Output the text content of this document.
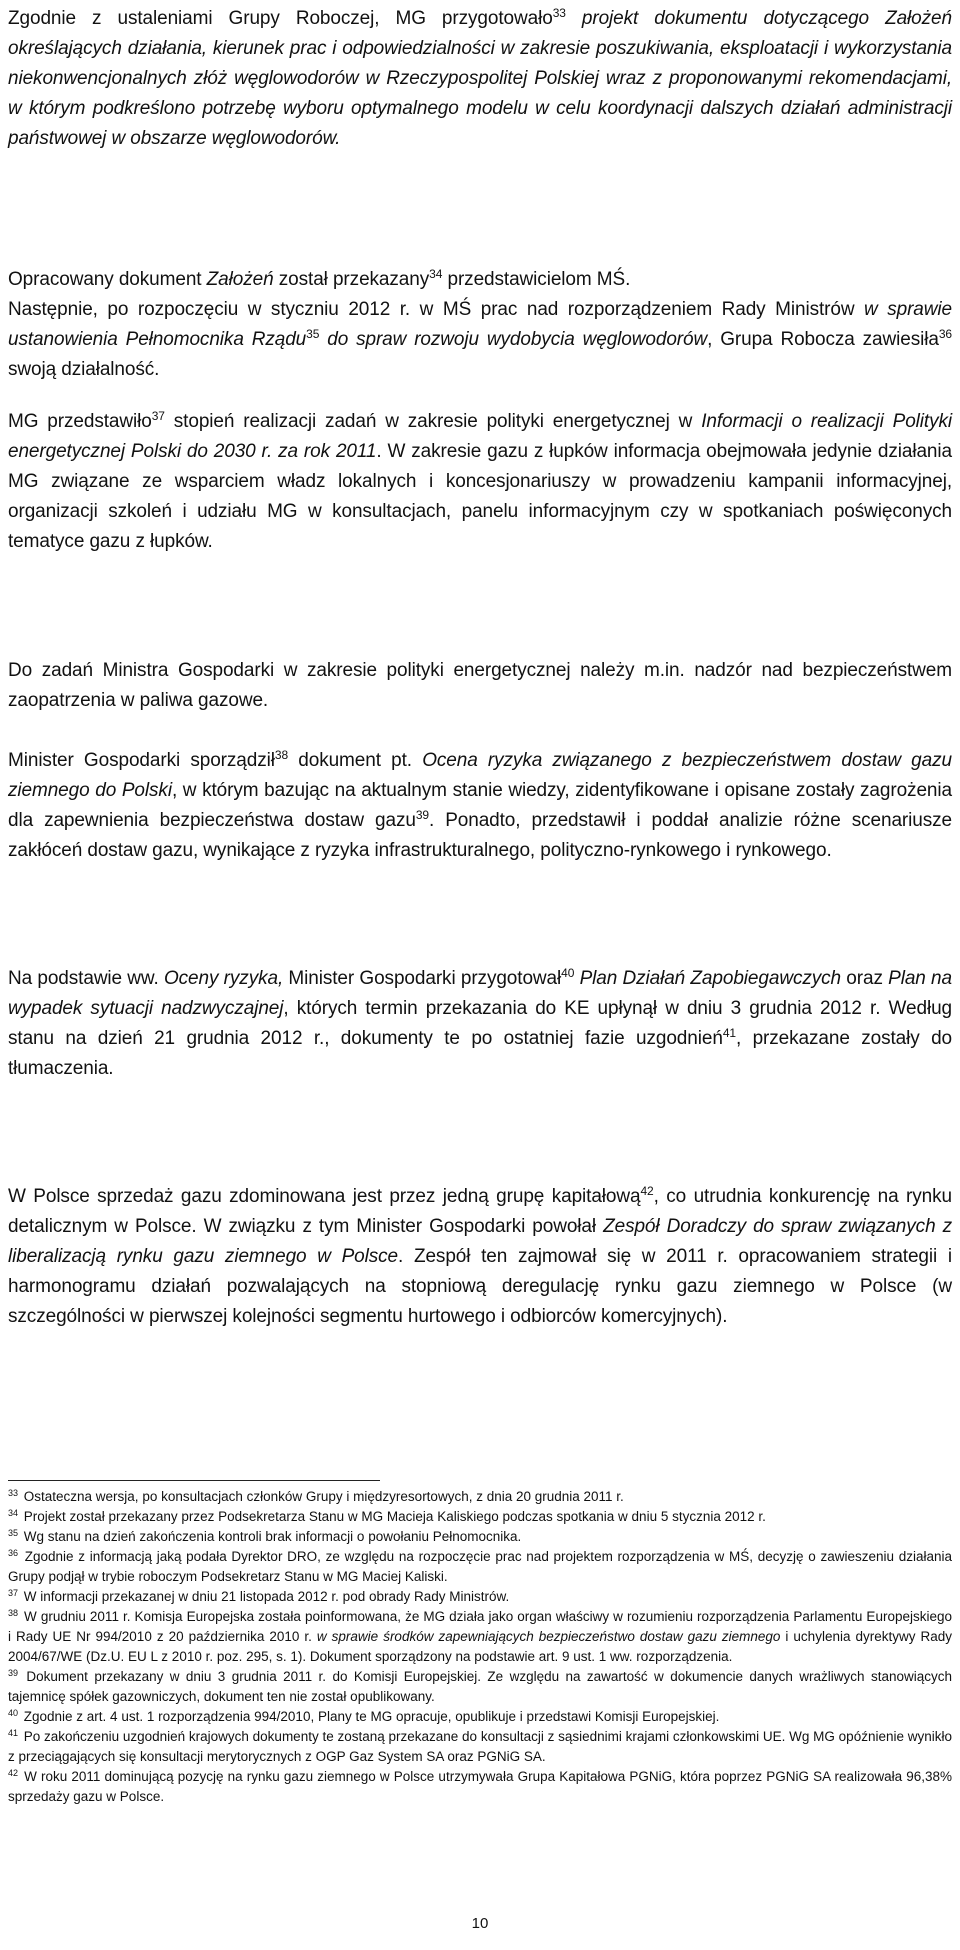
Zgodnie z ustaleniami Grupy Roboczej, MG przygotowało$^{33}$ projekt dokumentu dotyczącego Założeń określających działania, kierunek prac i odpowiedzialności w zakresie poszukiwania, eksploatacji i wykorzystania niekonwencjonalnych złóż węglowodorów w Rzeczypospolitej Polskiej wraz z proponowanymi rekomendacjami, w którym podkreślono potrzebę wyboru optymalnego modelu w celu koordynacji dalszych działań administracji państwowej w obszarze węglowodorów.

Opracowany dokument Założeń został przekazany$^{34}$ przedstawicielom MŚ.
Następnie, po rozpoczęciu w styczniu 2012 r. w MŚ prac nad rozporządzeniem Rady Ministrów w sprawie ustanowienia Pełnomocnika Rządu$^{35}$ do spraw rozwoju wydobycia węglowodorów, Grupa Robocza zawiesiła$^{36}$ swoją działalność.

MG przedstawiło$^{37}$ stopień realizacji zadań w zakresie polityki energetycznej w Informacji o realizacji Polityki energetycznej Polski do 2030 r. za rok 2011. W zakresie gazu z łupków informacja obejmowała jedynie działania MG związane ze wsparciem władz lokalnych i koncesjonariuszy w prowadzeniu kampanii informacyjnej, organizacji szkoleń i udziału MG w konsultacjach, panelu informacyjnym czy w spotkaniach poświęconych tematyce gazu z łupków.

Do zadań Ministra Gospodarki w zakresie polityki energetycznej należy m.in. nadzór nad bezpieczeństwem zaopatrzenia w paliwa gazowe.

Minister Gospodarki sporządził$^{38}$ dokument pt. Ocena ryzyka związanego z bezpieczeństwem dostaw gazu ziemnego do Polski, w którym bazując na aktualnym stanie wiedzy, zidentyfikowane i opisane zostały zagrożenia dla zapewnienia bezpieczeństwa dostaw gazu$^{39}$. Ponadto, przedstawił i poddał analizie różne scenariusze zakłóceń dostaw gazu, wynikające z ryzyka infrastrukturalnego, polityczno-rynkowego i rynkowego.

Na podstawie ww. Oceny ryzyka, Minister Gospodarki przygotował$^{40}$ Plan Działań Zapobiegawczych oraz Plan na wypadek sytuacji nadzwyczajnej, których termin przekazania do KE upłynął w dniu 3 grudnia 2012 r. Według stanu na dzień 21 grudnia 2012 r., dokumenty te po ostatniej fazie uzgodnień$^{41}$, przekazane zostały do tłumaczenia.

W Polsce sprzedaż gazu zdominowana jest przez jedną grupę kapitałową$^{42}$, co utrudnia konkurencję na rynku detalicznym w Polsce. W związku z tym Minister Gospodarki powołał Zespół Doradczy do spraw związanych z liberalizacją rynku gazu ziemnego w Polsce. Zespół ten zajmował się w 2011 r. opracowaniem strategii i harmonogramu działań pozwalających na stopniową deregulację rynku gazu ziemnego w Polsce (w szczególności w pierwszej kolejności segmentu hurtowego i odbiorców komercyjnych).

$^{33}$ Ostateczna wersja, po konsultacjach członków Grupy i międzyresortowych, z dnia 20 grudnia 2011 r.

$^{34}$ Projekt został przekazany przez Podsekretarza Stanu w MG Macieja Kaliskiego podczas spotkania w dniu 5 stycznia 2012 r.

$^{35}$ Wg stanu na dzień zakończenia kontroli brak informacji o powołaniu Pełnomocnika.

$^{36}$ Zgodnie z informacją jaką podała Dyrektor DRO, ze względu na rozpoczęcie prac nad projektem rozporządzenia w MŚ, decyzję o zawieszeniu działania Grupy podjął w trybie roboczym Podsekretarz Stanu w MG Maciej Kaliski.

$^{37}$ W informacji przekazanej w dniu 21 listopada 2012 r. pod obrady Rady Ministrów.

$^{38}$ W grudniu 2011 r. Komisja Europejska została poinformowana, że MG działa jako organ właściwy w rozumieniu rozporządzenia Parlamentu Europejskiego i Rady UE Nr 994/2010 z 20 października 2010 r. w sprawie środków zapewniających bezpieczeństwo dostaw gazu ziemnego i uchylenia dyrektywy Rady 2004/67/WE (Dz.U. EU L z 2010 r. poz. 295, s. 1). Dokument sporządzony na podstawie art. 9 ust. 1 ww. rozporządzenia.

$^{39}$ Dokument przekazany w dniu 3 grudnia 2011 r. do Komisji Europejskiej. Ze względu na zawartość w dokumencie danych wrażliwych stanowiących tajemnicę spółek gazowniczych, dokument ten nie został opublikowany.

$^{40}$ Zgodnie z art. 4 ust. 1 rozporządzenia 994/2010, Plany te MG opracuje, opublikuje i przedstawi Komisji Europejskiej.

$^{41}$ Po zakończeniu uzgodnień krajowych dokumenty te zostaną przekazane do konsultacji z sąsiednimi krajami członkowskimi UE. Wg MG opóźnienie wynikło z przeciągających się konsultacji merytorycznych z OGP Gaz System SA oraz PGNiG SA.

$^{42}$ W roku 2011 dominującą pozycję na rynku gazu ziemnego w Polsce utrzymywała Grupa Kapitałowa PGNiG, która poprzez PGNiG SA realizowała 96,38% sprzedaży gazu w Polsce.

10
